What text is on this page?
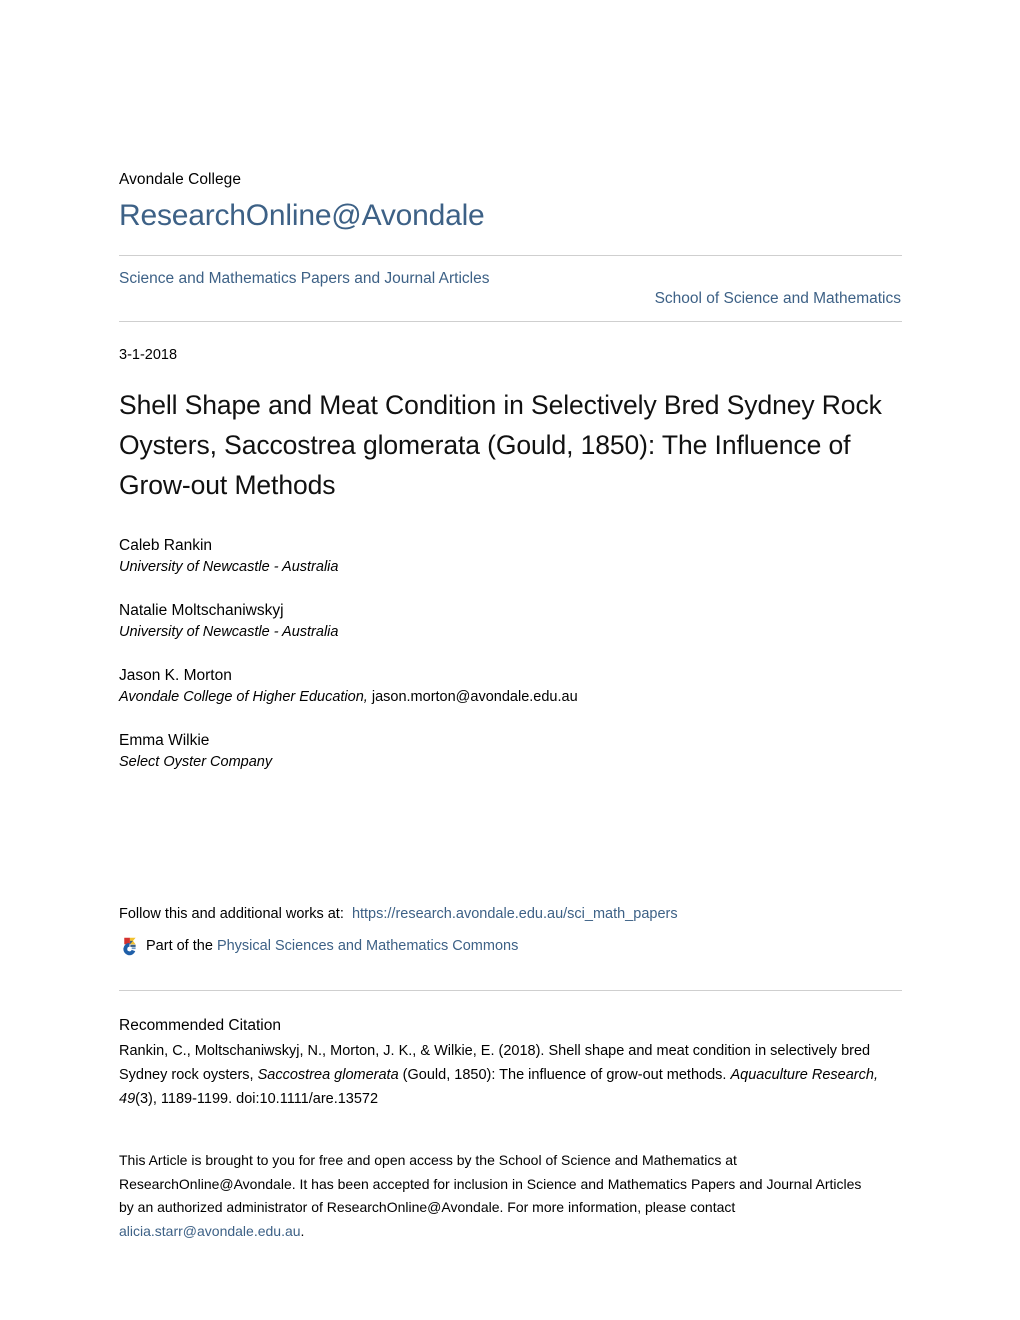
Avondale College
ResearchOnline@Avondale
Science and Mathematics Papers and Journal Articles
School of Science and Mathematics
3-1-2018
Shell Shape and Meat Condition in Selectively Bred Sydney Rock Oysters, Saccostrea glomerata (Gould, 1850): The Influence of Grow-out Methods
Caleb Rankin
University of Newcastle - Australia
Natalie Moltschaniwskyj
University of Newcastle - Australia
Jason K. Morton
Avondale College of Higher Education, jason.morton@avondale.edu.au
Emma Wilkie
Select Oyster Company
Follow this and additional works at: https://research.avondale.edu.au/sci_math_papers
Part of the
Physical Sciences and Mathematics Commons
Recommended Citation
Rankin, C., Moltschaniwskyj, N., Morton, J. K., & Wilkie, E. (2018). Shell shape and meat condition in selectively bred Sydney rock oysters, Saccostrea glomerata (Gould, 1850): The influence of grow-out methods. Aquaculture Research, 49(3), 1189-1199. doi:10.1111/are.13572
This Article is brought to you for free and open access by the School of Science and Mathematics at ResearchOnline@Avondale. It has been accepted for inclusion in Science and Mathematics Papers and Journal Articles by an authorized administrator of ResearchOnline@Avondale. For more information, please contact alicia.starr@avondale.edu.au.
